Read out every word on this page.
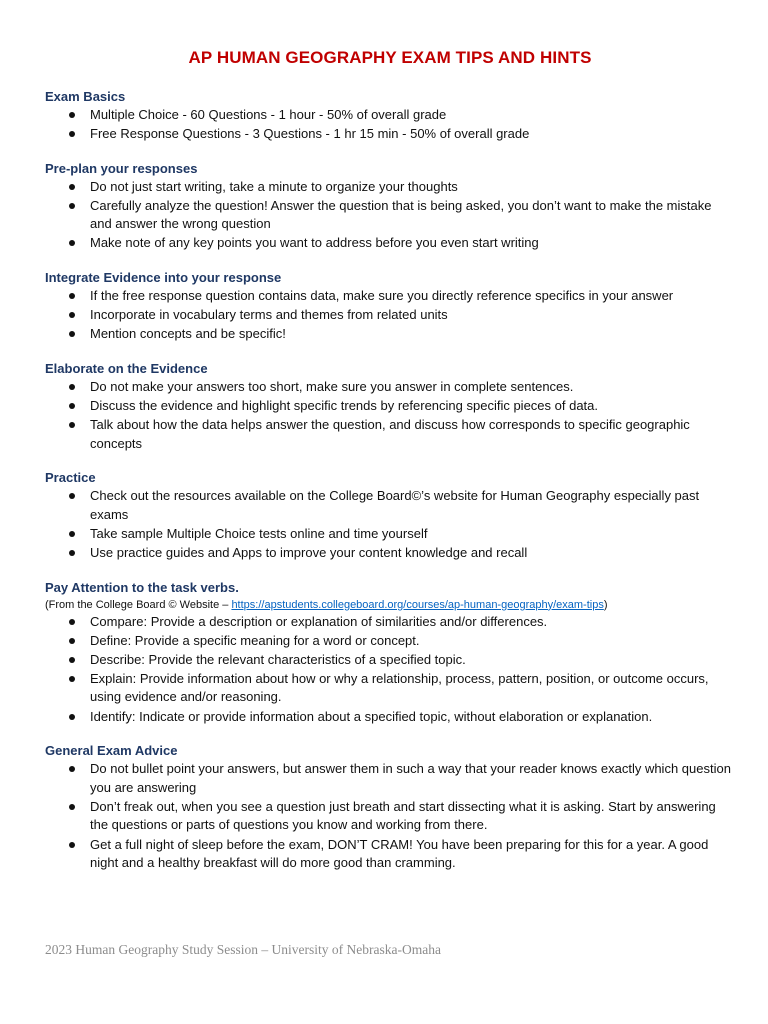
AP HUMAN GEOGRAPHY EXAM TIPS AND HINTS
Exam Basics
Multiple Choice - 60 Questions - 1 hour - 50% of overall grade
Free Response Questions - 3 Questions - 1 hr 15 min - 50% of overall grade
Pre-plan your responses
Do not just start writing, take a minute to organize your thoughts
Carefully analyze the question! Answer the question that is being asked, you don’t want to make the mistake and answer the wrong question
Make note of any key points you want to address before you even start writing
Integrate Evidence into your response
If the free response question contains data, make sure you directly reference specifics in your answer
Incorporate in vocabulary terms and themes from related units
Mention concepts and be specific!
Elaborate on the Evidence
Do not make your answers too short, make sure you answer in complete sentences.
Discuss the evidence and highlight specific trends by referencing specific pieces of data.
Talk about how the data helps answer the question, and discuss how corresponds to specific geographic concepts
Practice
Check out the resources available on the College Board©’s website for Human Geography especially past exams
Take sample Multiple Choice tests online and time yourself
Use practice guides and Apps to improve your content knowledge and recall
Pay Attention to the task verbs.
(From the College Board © Website – https://apstudents.collegeboard.org/courses/ap-human-geography/exam-tips)
Compare: Provide a description or explanation of similarities and/or differences.
Define: Provide a specific meaning for a word or concept.
Describe: Provide the relevant characteristics of a specified topic.
Explain: Provide information about how or why a relationship, process, pattern, position, or outcome occurs, using evidence and/or reasoning.
Identify: Indicate or provide information about a specified topic, without elaboration or explanation.
General Exam Advice
Do not bullet point your answers, but answer them in such a way that your reader knows exactly which question you are answering
Don’t freak out, when you see a question just breath and start dissecting what it is asking. Start by answering the questions or parts of questions you know and working from there.
Get a full night of sleep before the exam, DON’T CRAM! You have been preparing for this for a year. A good night and a healthy breakfast will do more good than cramming.
2023 Human Geography Study Session – University of Nebraska-Omaha
